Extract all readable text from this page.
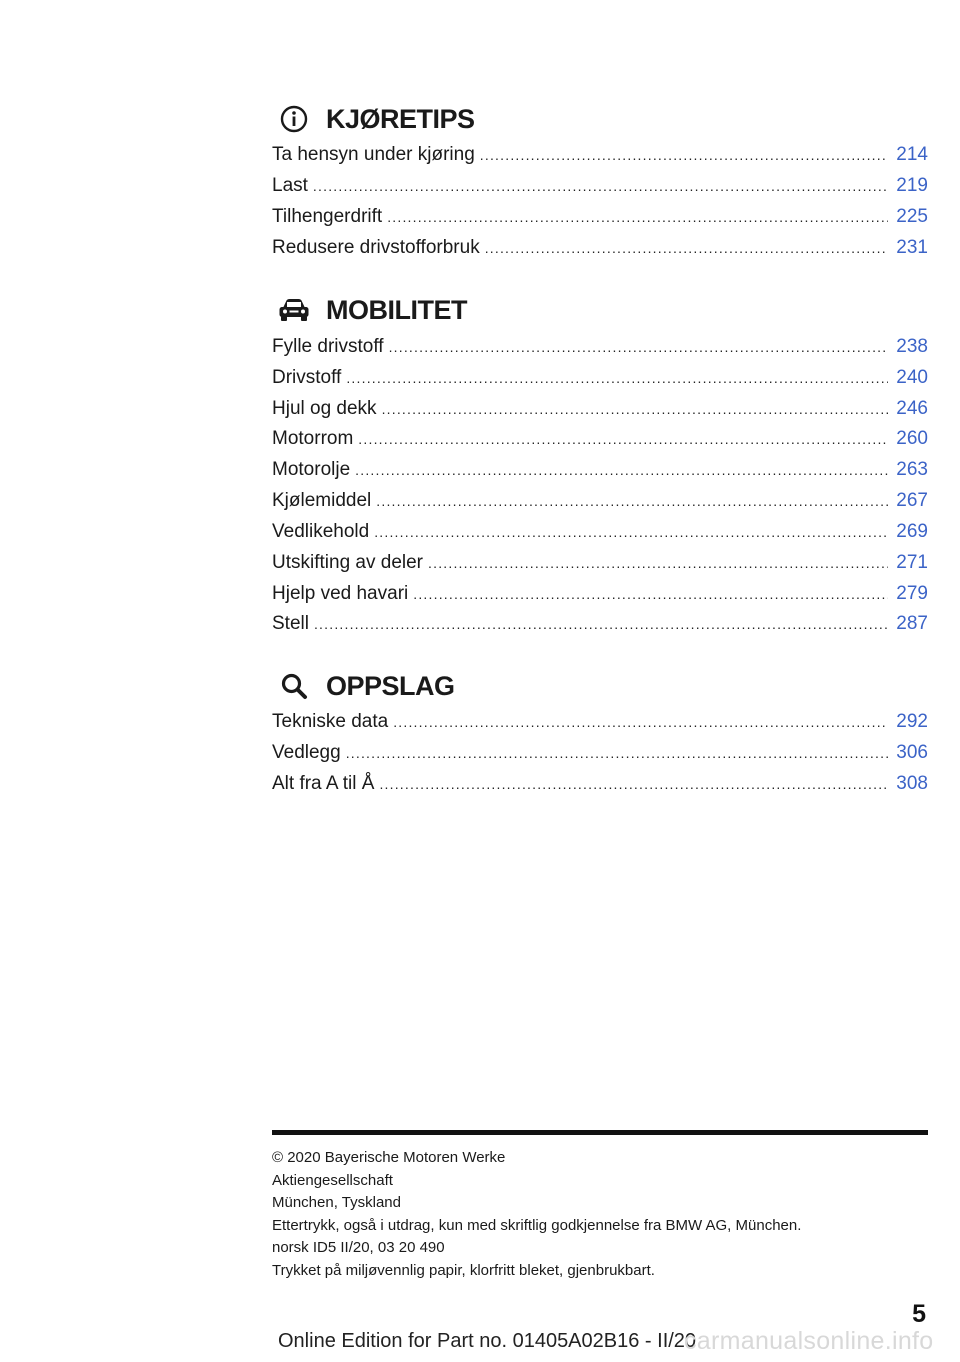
KJØRETIPS
Ta hensyn under kjøring .....	214
Last .....	219
Tilhengerdrift .....	225
Redusere drivstofforbruk .....	231
MOBILITET
Fylle drivstoff .....	238
Drivstoff .....	240
Hjul og dekk .....	246
Motorrom .....	260
Motorolje .....	263
Kjølemiddel .....	267
Vedlikehold .....	269
Utskifting av deler .....	271
Hjelp ved havari .....	279
Stell .....	287
OPPSLAG
Tekniske data .....	292
Vedlegg .....	306
Alt fra A til Å .....	308
© 2020 Bayerische Motoren Werke
Aktiengesellschaft
München, Tyskland
Ettertrykk, også i utdrag, kun med skriftlig godkjennelse fra BMW AG, München.
norsk ID5 II/20, 03 20 490
Trykket på miljøvennlig papir, klorfritt bleket, gjenbrukbart.
5
Online Edition for Part no. 01405A02B16 - II/20
carmanualsonline.info
